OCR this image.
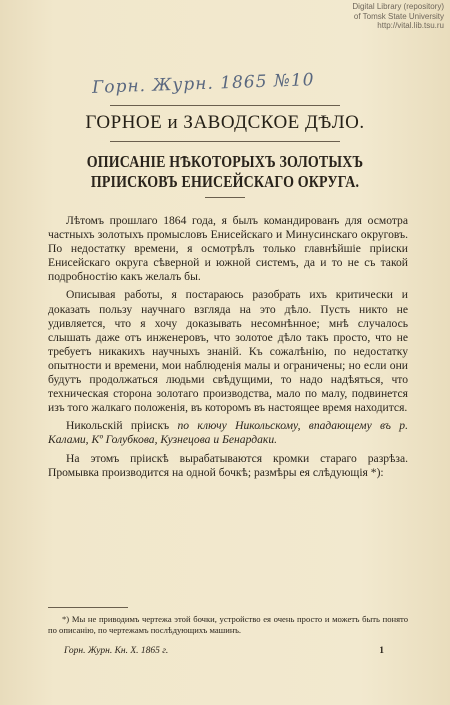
Digital Library (repository)
of Tomsk State University
http://vital.lib.tsu.ru
Горн. Журн. 1865 №10
ГОРНОЕ и ЗАВОДСКОЕ ДѢЛО.
ОПИСАНІЕ НѢКОТОРЫХЪ ЗОЛОТЫХЪ ПРІИСКОВЪ ЕНИСЕЙСКАГО ОКРУГА.

Лѣтомъ прошлаго 1864 года, я былъ командированъ для осмотра частныхъ золотыхъ промысловъ Енисейскаго и Минусинскаго округовъ. По недостатку времени, я осмотрѣлъ только главнѣйшіе пріиски Енисейскаго округа сѣверной и южной системъ, да и то не съ такой подробностію какъ желалъ бы.

Описывая работы, я постараюсь разобрать ихъ критически и доказать пользу научнаго взгляда на это дѣло. Пусть никто не удивляется, что я хочу доказывать несомнѣнное; мнѣ случалось слышать даже отъ инженеровъ, что золотое дѣло такъ просто, что не требуетъ никакихъ научныхъ знаній. Къ сожалѣнію, по недостатку опытности и времени, мои наблюденія малы и ограничены; но если они будутъ продолжаться людьми свѣдущими, то надо надѣяться, что техническая сторона золотаго производства, мало по малу, подвинется изъ того жалкаго положенія, въ которомъ въ настоящее время находится.

Никольскій пріискъ по ключу Никольскому, впадающему въ р. Калами, Кº Голубкова, Кузнецова и Бенардаки.

На этомъ пріискѣ вырабатываются кромки стараго разрѣза. Промывка производится на одной бочкѣ; размѣры ея слѣдующія *):

*) Мы не приводимъ чертежа этой бочки, устройство ея очень просто и можетъ быть понято по описанію, по чертежамъ послѣдующихъ машинъ.
Горн. Журн. Кн. X. 1865 г.	1
